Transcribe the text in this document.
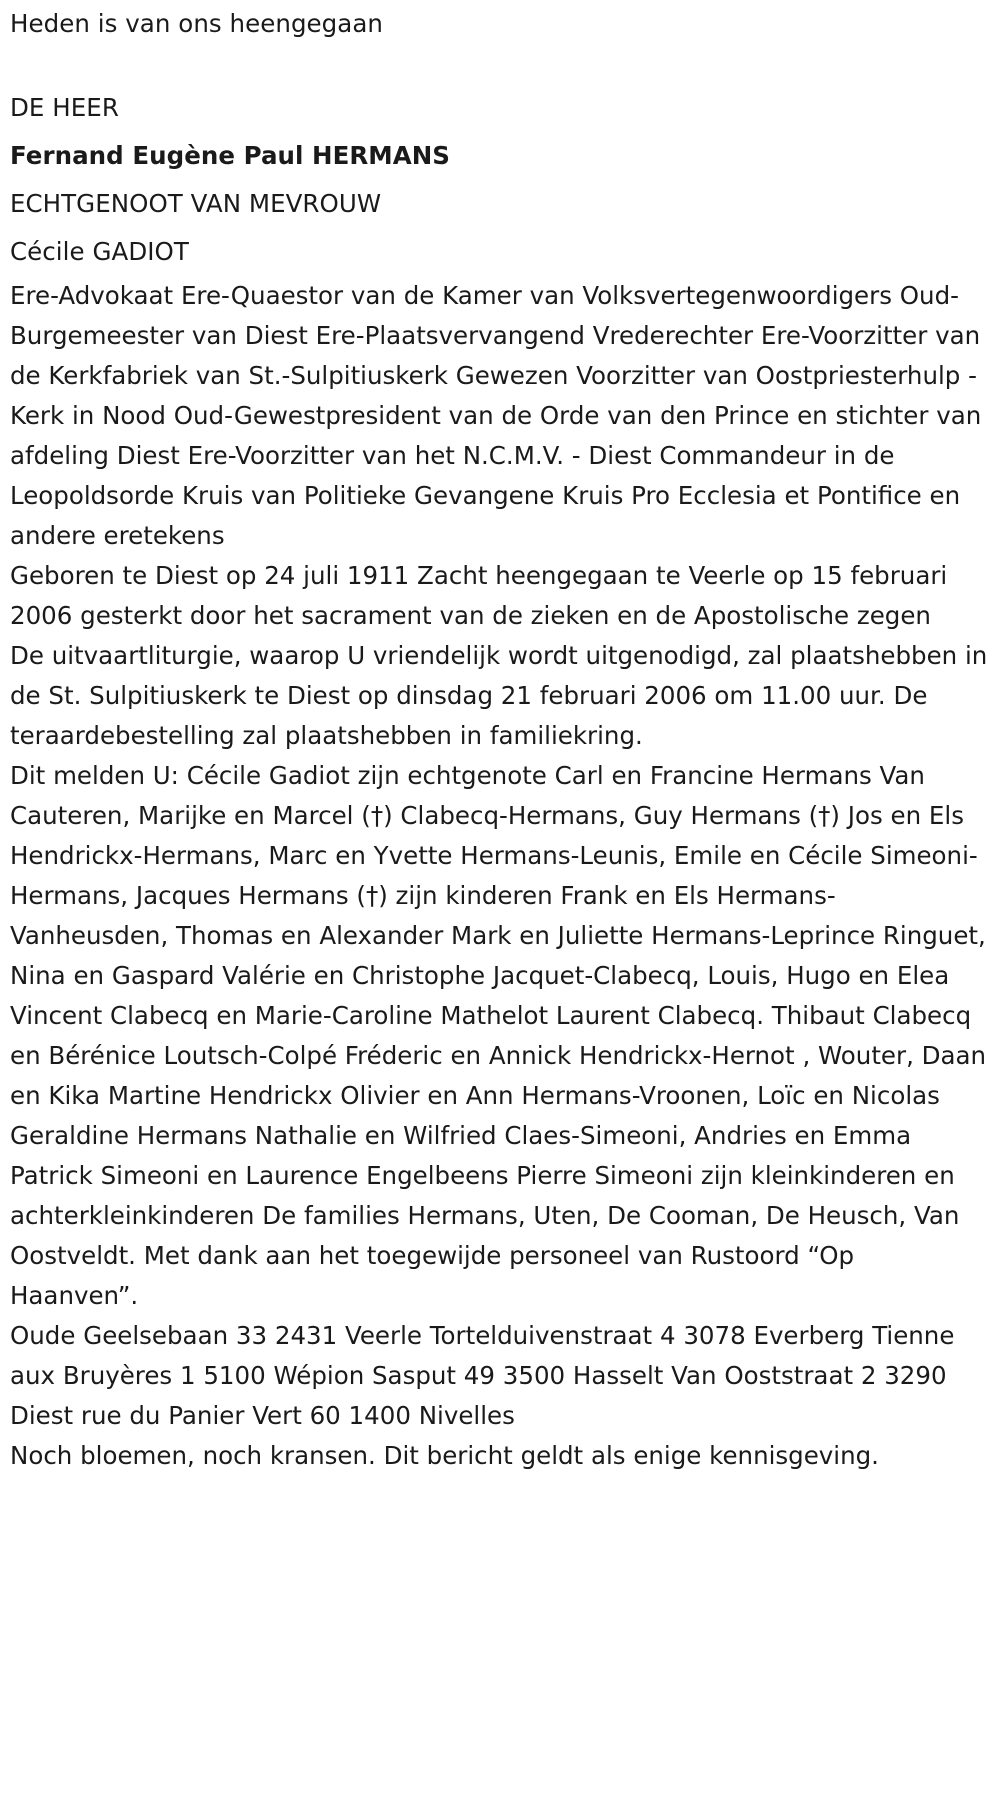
Heden is van ons heengegaan

DE HEER

Fernand Eugène Paul HERMANS

ECHTGENOOT VAN MEVROUW

Cécile GADIOT

Ere-Advokaat Ere-Quaestor van de Kamer van Volksvertegenwoordigers Oud-Burgemeester van Diest Ere-Plaatsvervangend Vrederechter Ere-Voorzitter van de Kerkfabriek van St.-Sulpitiuskerk Gewezen Voorzitter van Oostpriesterhulp - Kerk in Nood Oud-Gewestpresident van de Orde van den Prince en stichter van afdeling Diest Ere-Voorzitter van het N.C.M.V. - Diest Commandeur in de Leopoldsorde Kruis van Politieke Gevangene Kruis Pro Ecclesia et Pontifice en andere eretekens

Geboren te Diest op 24 juli 1911 Zacht heengegaan te Veerle op 15 februari 2006 gesterkt door het sacrament van de zieken en de Apostolische zegen

De uitvaartliturgie, waarop U vriendelijk wordt uitgenodigd, zal plaatshebben in de St. Sulpitiuskerk te Diest op dinsdag 21 februari 2006 om 11.00 uur. De teraardebestelling zal plaatshebben in familiekring.

Dit melden U: Cécile Gadiot zijn echtgenote Carl en Francine Hermans Van Cauteren, Marijke en Marcel (†) Clabecq-Hermans, Guy Hermans (†) Jos en Els Hendrickx-Hermans, Marc en Yvette Hermans-Leunis, Emile en Cécile Simeoni-Hermans, Jacques Hermans (†) zijn kinderen Frank en Els Hermans-Vanheusden, Thomas en Alexander Mark en Juliette Hermans-Leprince Ringuet, Nina en Gaspard Valérie en Christophe Jacquet-Clabecq, Louis, Hugo en Elea Vincent Clabecq en Marie-Caroline Mathelot Laurent Clabecq. Thibaut Clabecq en Bérénice Loutsch-Colpé Fréderic en Annick Hendrickx-Hernot , Wouter, Daan en Kika Martine Hendrickx Olivier en Ann Hermans-Vroonen, Loïc en Nicolas Geraldine Hermans Nathalie en Wilfried Claes-Simeoni, Andries en Emma Patrick Simeoni en Laurence Engelbeens Pierre Simeoni zijn kleinkinderen en achterkleinkinderen De families Hermans, Uten, De Cooman, De Heusch, Van Oostveldt. Met dank aan het toegewijde personeel van Rustoord “Op Haanven”.

Oude Geelsebaan 33 2431 Veerle Tortelduivenstraat 4 3078 Everberg Tienne aux Bruyères 1 5100 Wépion Sasput 49 3500 Hasselt Van Ooststraat 2 3290 Diest rue du Panier Vert 60 1400 Nivelles

Noch bloemen, noch kransen. Dit bericht geldt als enige kennisgeving.
